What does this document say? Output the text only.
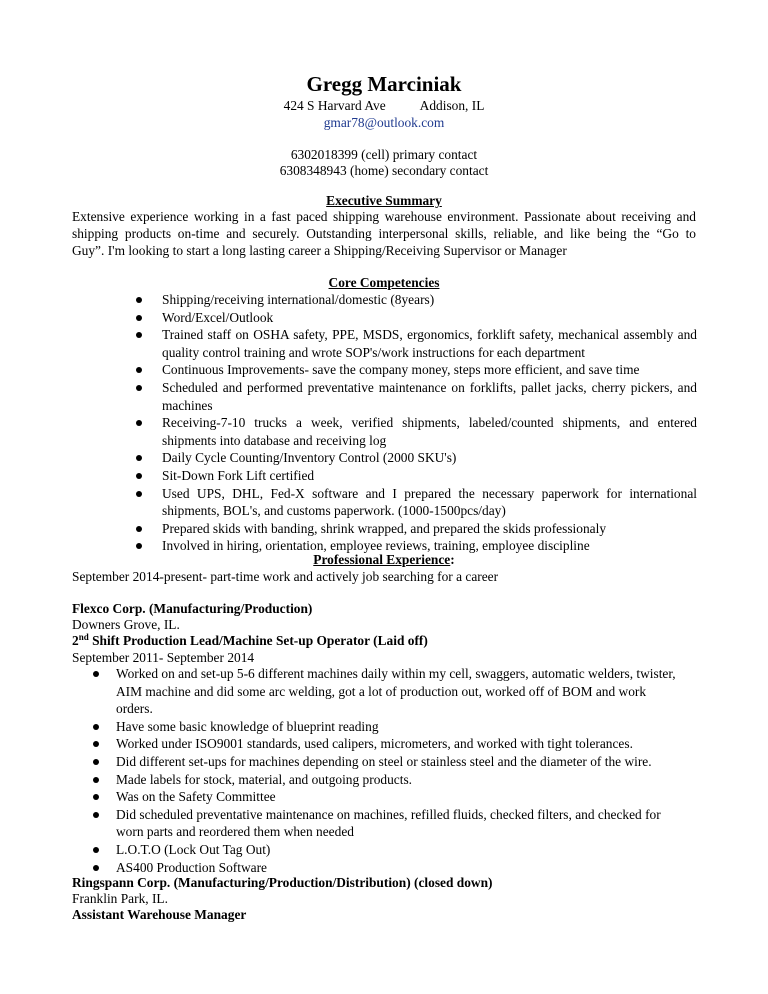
Gregg Marciniak
424 S Harvard Ave	Addison, IL
gmar78@outlook.com
6302018399 (cell) primary contact
6308348943 (home) secondary contact
Executive Summary
Extensive experience working in a fast paced shipping warehouse environment. Passionate about receiving and
shipping products on-time and securely. Outstanding interpersonal skills, reliable, and like being the “Go to
Guy”. I'm looking to start a long lasting career a Shipping/Receiving Supervisor or Manager
Core Competencies
Shipping/receiving international/domestic (8years)
Word/Excel/Outlook
Trained staff on OSHA safety, PPE, MSDS, ergonomics, forklift safety, mechanical assembly and quality control training and wrote SOP's/work instructions for each department
Continuous Improvements- save the company money, steps more efficient, and save time
Scheduled and performed preventative maintenance on forklifts, pallet jacks, cherry pickers, and machines
Receiving-7-10 trucks a week, verified shipments, labeled/counted shipments, and entered shipments into database and receiving log
Daily Cycle Counting/Inventory Control (2000 SKU's)
Sit-Down Fork Lift certified
Used UPS, DHL, Fed-X software and I prepared the necessary paperwork for international shipments, BOL's, and customs paperwork. (1000-1500pcs/day)
Prepared skids with banding, shrink wrapped, and prepared the skids professionaly
Involved in hiring, orientation, employee reviews, training, employee discipline
Professional Experience:
September 2014-present- part-time work and actively job searching for a career
Flexco Corp. (Manufacturing/Production)
Downers Grove, IL.
2nd Shift Production Lead/Machine Set-up Operator (Laid off)
September 2011- September 2014
Worked on and set-up 5-6 different machines daily within my cell, swaggers, automatic welders, twister, AIM machine and did some arc welding, got a lot of production out, worked off of BOM and work orders.
Have some basic knowledge of blueprint reading
Worked under ISO9001 standards, used calipers, micrometers, and worked with tight tolerances.
Did different set-ups for machines depending on steel or stainless steel and the diameter of the wire.
Made labels for stock, material, and outgoing products.
Was on the Safety Committee
Did scheduled preventative maintenance on machines, refilled fluids, checked filters, and checked for worn parts and reordered them when needed
L.O.T.O (Lock Out Tag Out)
AS400 Production Software
Ringspann Corp. (Manufacturing/Production/Distribution) (closed down)
Franklin Park, IL.
Assistant Warehouse Manager
